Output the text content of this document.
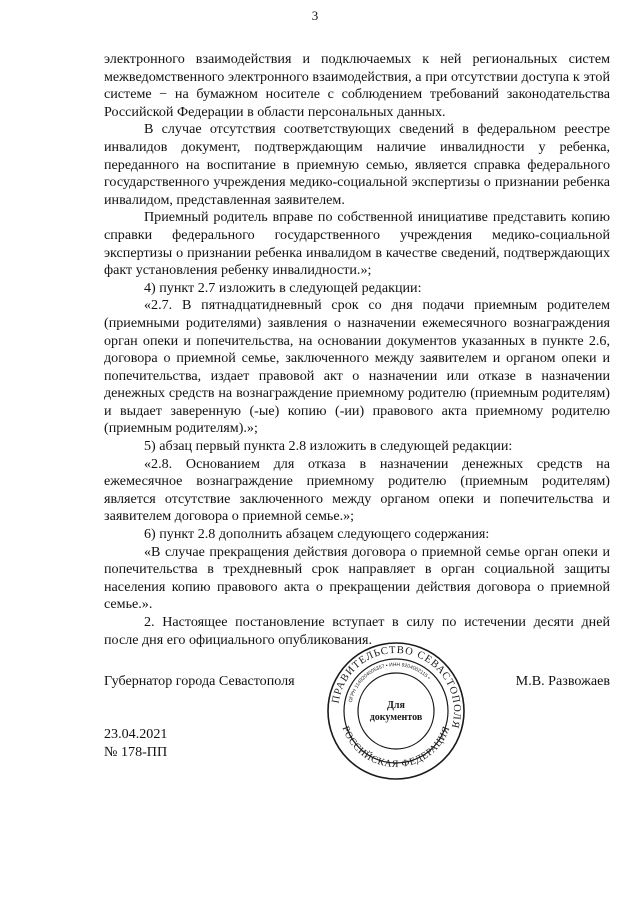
3

электронного взаимодействия и подключаемых к ней региональных систем межведомственного электронного взаимодействия, а при отсутствии доступа к этой системе − на бумажном носителе с соблюдением требований законодательства Российской Федерации в области персональных данных.

В случае отсутствия соответствующих сведений в федеральном реестре инвалидов документ, подтверждающим наличие инвалидности у ребенка, переданного на воспитание в приемную семью, является справка федерального государственного учреждения медико-социальной экспертизы о признании ребенка инвалидом, представленная заявителем.

Приемный родитель вправе по собственной инициативе представить копию справки федерального государственного учреждения медико-социальной экспертизы о признании ребенка инвалидом в качестве сведений, подтверждающих факт установления ребенку инвалидности.»;

4) пункт 2.7 изложить в следующей редакции:

«2.7. В пятнадцатидневный срок со дня подачи приемным родителем (приемными родителями) заявления о назначении ежемесячного вознаграждения орган опеки и попечительства, на основании документов указанных в пункте 2.6, договора о приемной семье, заключенного между заявителем и органом опеки и попечительства, издает правовой акт о назначении или отказе в назначении денежных средств на вознаграждение приемному родителю (приемным родителям) и выдает заверенную (-ые) копию (-ии) правового акта приемному родителю (приемным родителям).»;

5) абзац первый пункта 2.8 изложить в следующей редакции:

«2.8. Основанием для отказа в назначении денежных средств на ежемесячное вознаграждение приемному родителю (приемным родителям) является отсутствие заключенного между органом опеки и попечительства и заявителем договора о приемной семье.»;

6) пункт 2.8 дополнить абзацем следующего содержания:

«В случае прекращения действия договора о приемной семье орган опеки и попечительства в трехдневный срок направляет в орган социальной защиты населения копию правового акта о прекращении действия договора о приемной семье.».

2. Настоящее постановление вступает в силу по истечении десяти дней после дня его официального опубликования.

Губернатор города Севастополя
ПРАВИТЕЛЬСТВО СЕВАСТОПОЛЯ
РОССИЙСКАЯ ФЕДЕРАЦИЯ
ОГРН 1149204005357 • ИНН 9204002115 •
Для
документов
М.В. Развожаев
23.04.2021
№ 178-ПП
